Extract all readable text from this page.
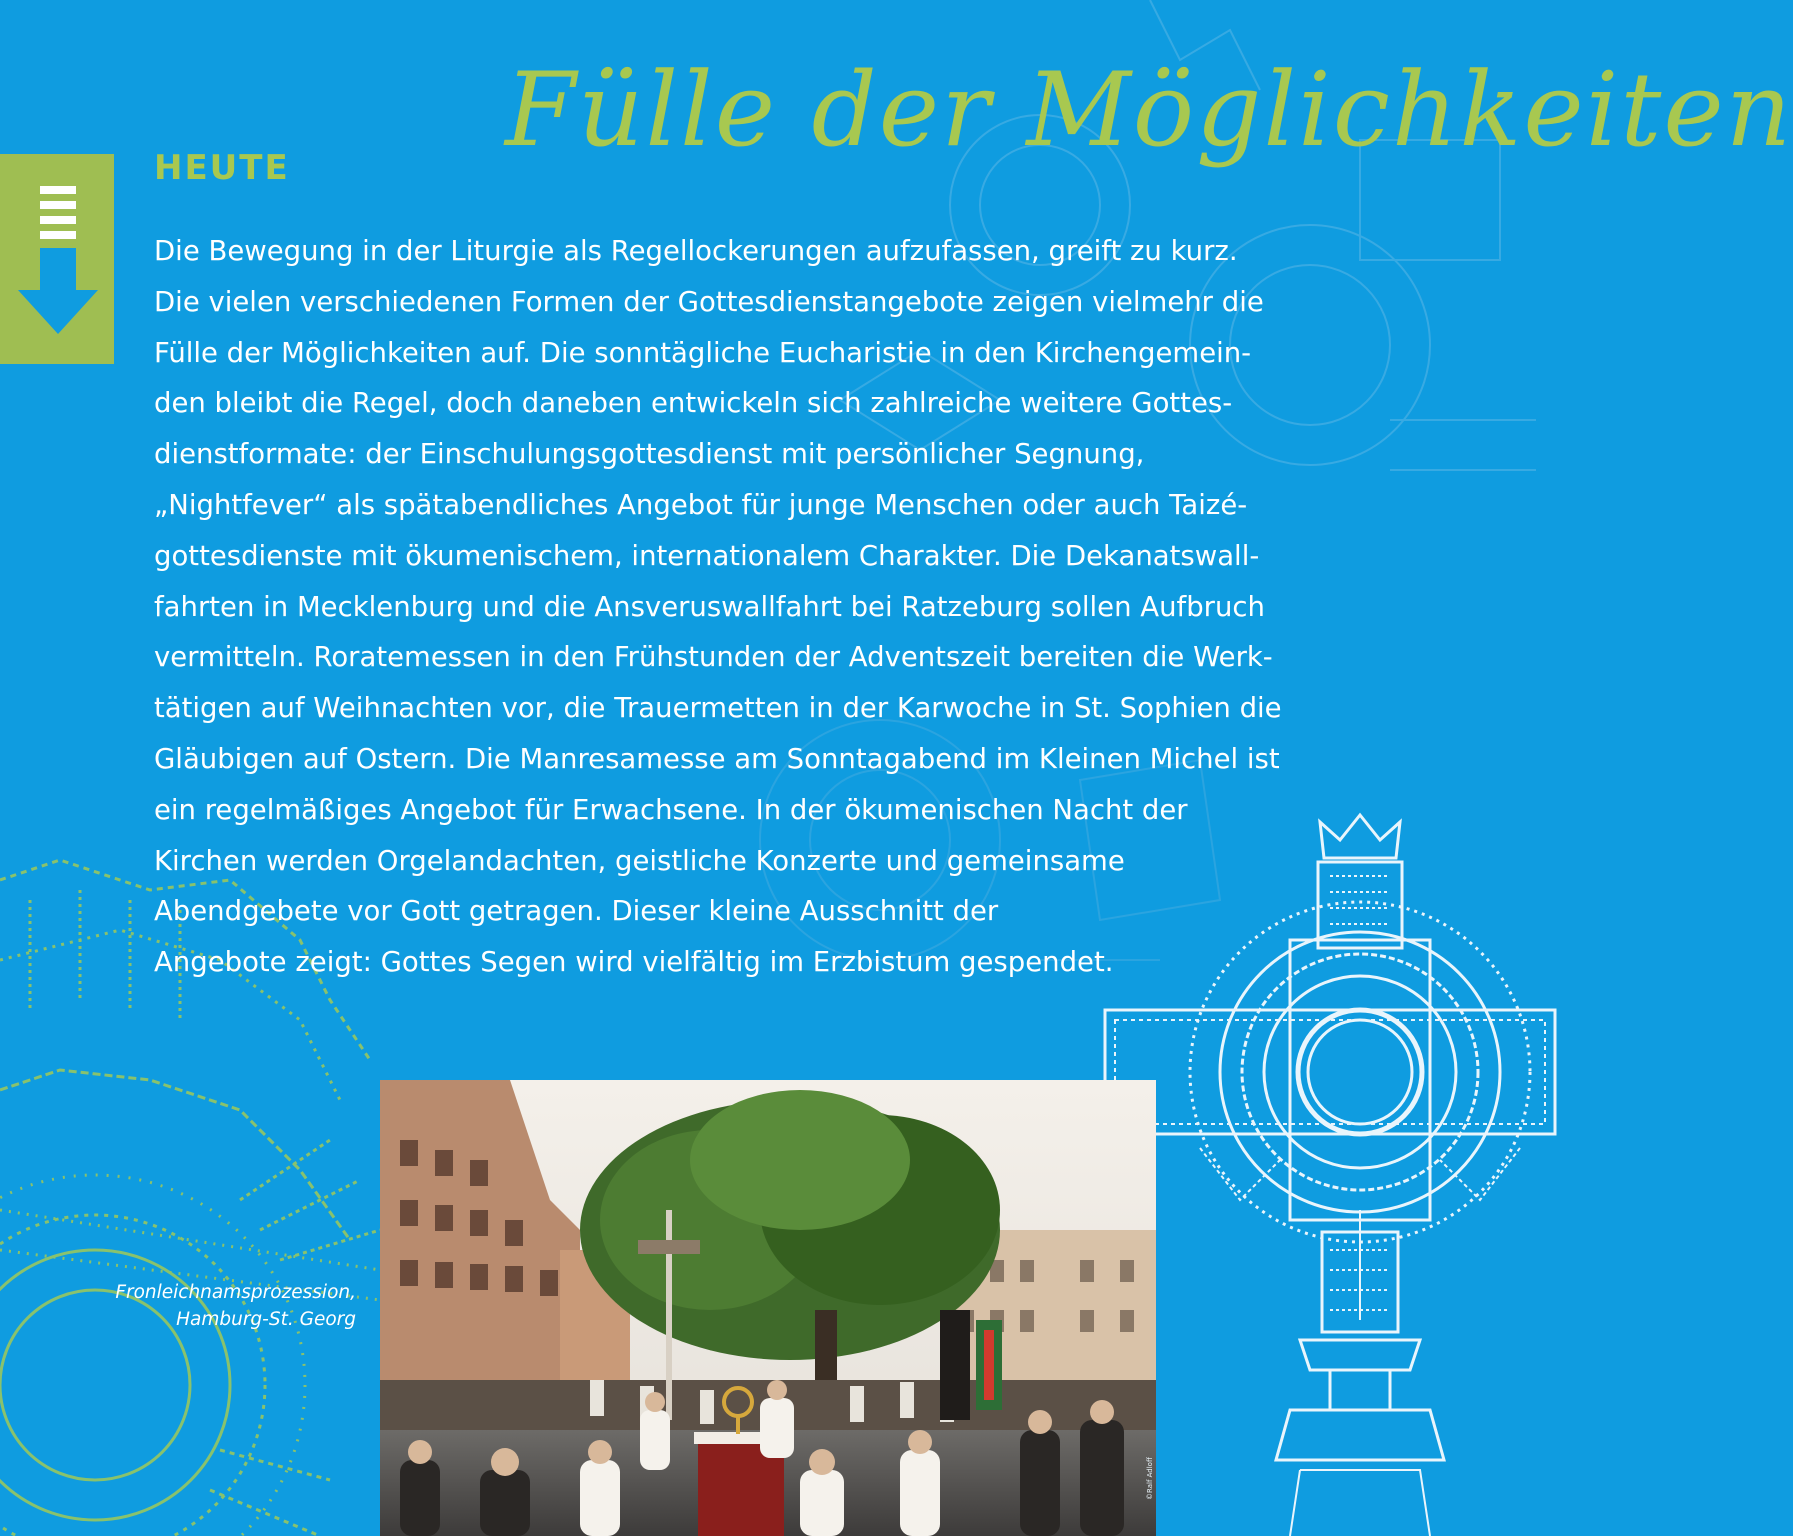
Fülle der Möglichkeiten
HEUTE

Die Bewegung in der Liturgie als Regellockerungen aufzufassen, greift zu kurz.
Die vielen verschiedenen Formen der Gottesdienstangebote zeigen vielmehr die
Fülle der Möglichkeiten auf. Die sonntägliche Eucharistie in den Kirchengemein-
den bleibt die Regel, doch daneben entwickeln sich zahlreiche weitere Gottes-
dienstformate: der Einschulungsgottesdienst mit persönlicher Segnung,
„Nightfever“ als spätabendliches Angebot für junge Menschen oder auch Taizé-
gottesdienste mit ökumenischem, internationalem Charakter. Die Dekanatswall-
fahrten in Mecklenburg und die Ansveruswallfahrt bei Ratzeburg sollen Aufbruch
vermitteln. Roratemessen in den Frühstunden der Adventszeit bereiten die Werk-
tätigen auf Weihnachten vor, die Trauermetten in der Karwoche in St. Sophien die
Gläubigen auf Ostern. Die Manresamesse am Sonntagabend im Kleinen Michel ist
ein regelmäßiges Angebot für Erwachsene. In der ökumenischen Nacht der
Kirchen werden Orgelandachten, geistliche Konzerte und gemeinsame
Abendgebete vor Gott getragen. Dieser kleine Ausschnitt der
Angebote zeigt: Gottes Segen wird vielfältig im Erzbistum gespendet.

Fronleichnamsprozession,
Hamburg-St. Georg

©Ralf Adloff
